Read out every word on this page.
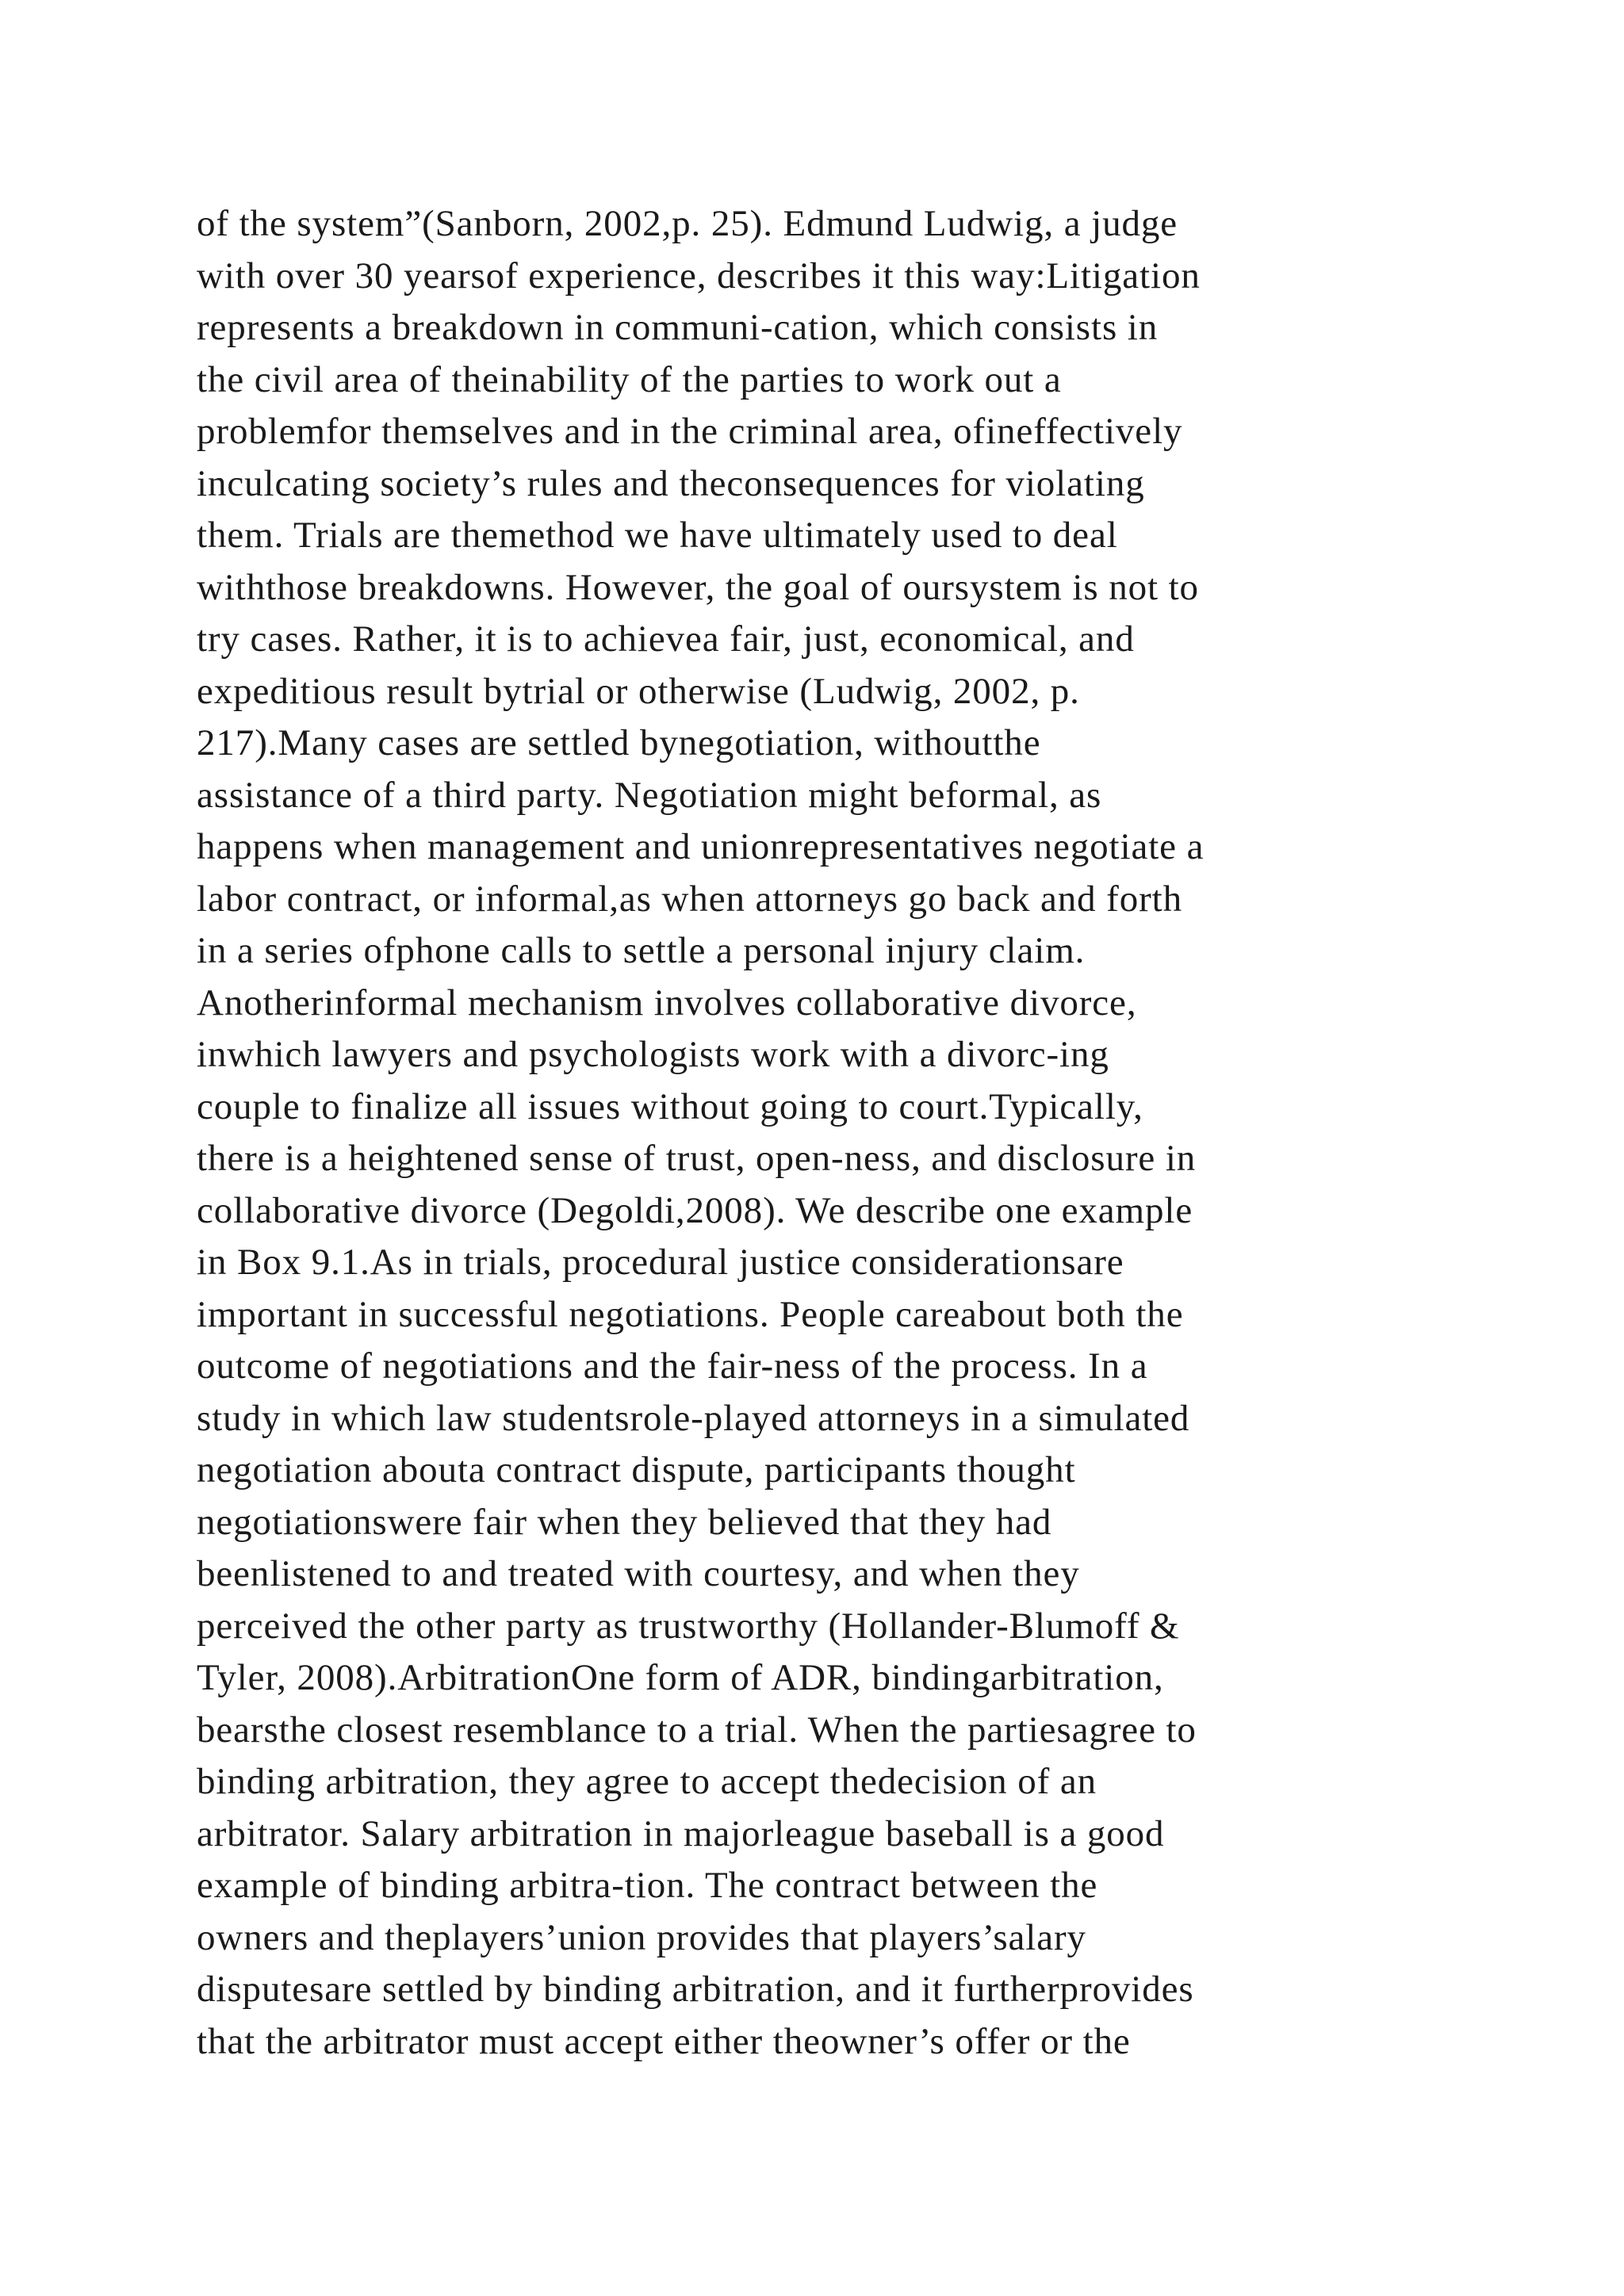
of the system”(Sanborn, 2002,p. 25). Edmund Ludwig, a judge
with over 30 yearsof experience, describes it this way:Litigation
represents a breakdown in communi-cation, which consists in
the civil area of theinability of the parties to work out a
problemfor themselves and in the criminal area, ofineffectively
inculcating society’s rules and theconsequences for violating
them. Trials are themethod we have ultimately used to deal
withthose breakdowns. However, the goal of oursystem is not to
try cases. Rather, it is to achievea fair, just, economical, and
expeditious result bytrial or otherwise (Ludwig, 2002, p.
217).Many cases are settled bynegotiation, withoutthe
assistance of a third party. Negotiation might beformal, as
happens when management and unionrepresentatives negotiate a
labor contract, or informal,as when attorneys go back and forth
in a series ofphone calls to settle a personal injury claim.
Anotherinformal mechanism involves collaborative divorce,
inwhich lawyers and psychologists work with a divorc-ing
couple to finalize all issues without going to court.Typically,
there is a heightened sense of trust, open-ness, and disclosure in
collaborative divorce (Degoldi,2008). We describe one example
in Box 9.1.As in trials, procedural justice considerationsare
important in successful negotiations. People careabout both the
outcome of negotiations and the fair-ness of the process. In a
study in which law studentsrole-played attorneys in a simulated
negotiation abouta contract dispute, participants thought
negotiationswere fair when they believed that they had
beenlistened to and treated with courtesy, and when they
perceived the other party as trustworthy (Hollander-Blumoff &
Tyler, 2008).ArbitrationOne form of ADR, bindingarbitration,
bearsthe closest resemblance to a trial. When the partiesagree to
binding arbitration, they agree to accept thedecision of an
arbitrator. Salary arbitration in majorleague baseball is a good
example of binding arbitra-tion. The contract between the
owners and theplayers’union provides that players’salary
disputesare settled by binding arbitration, and it furtherprovides
that the arbitrator must accept either theowner’s offer or the
